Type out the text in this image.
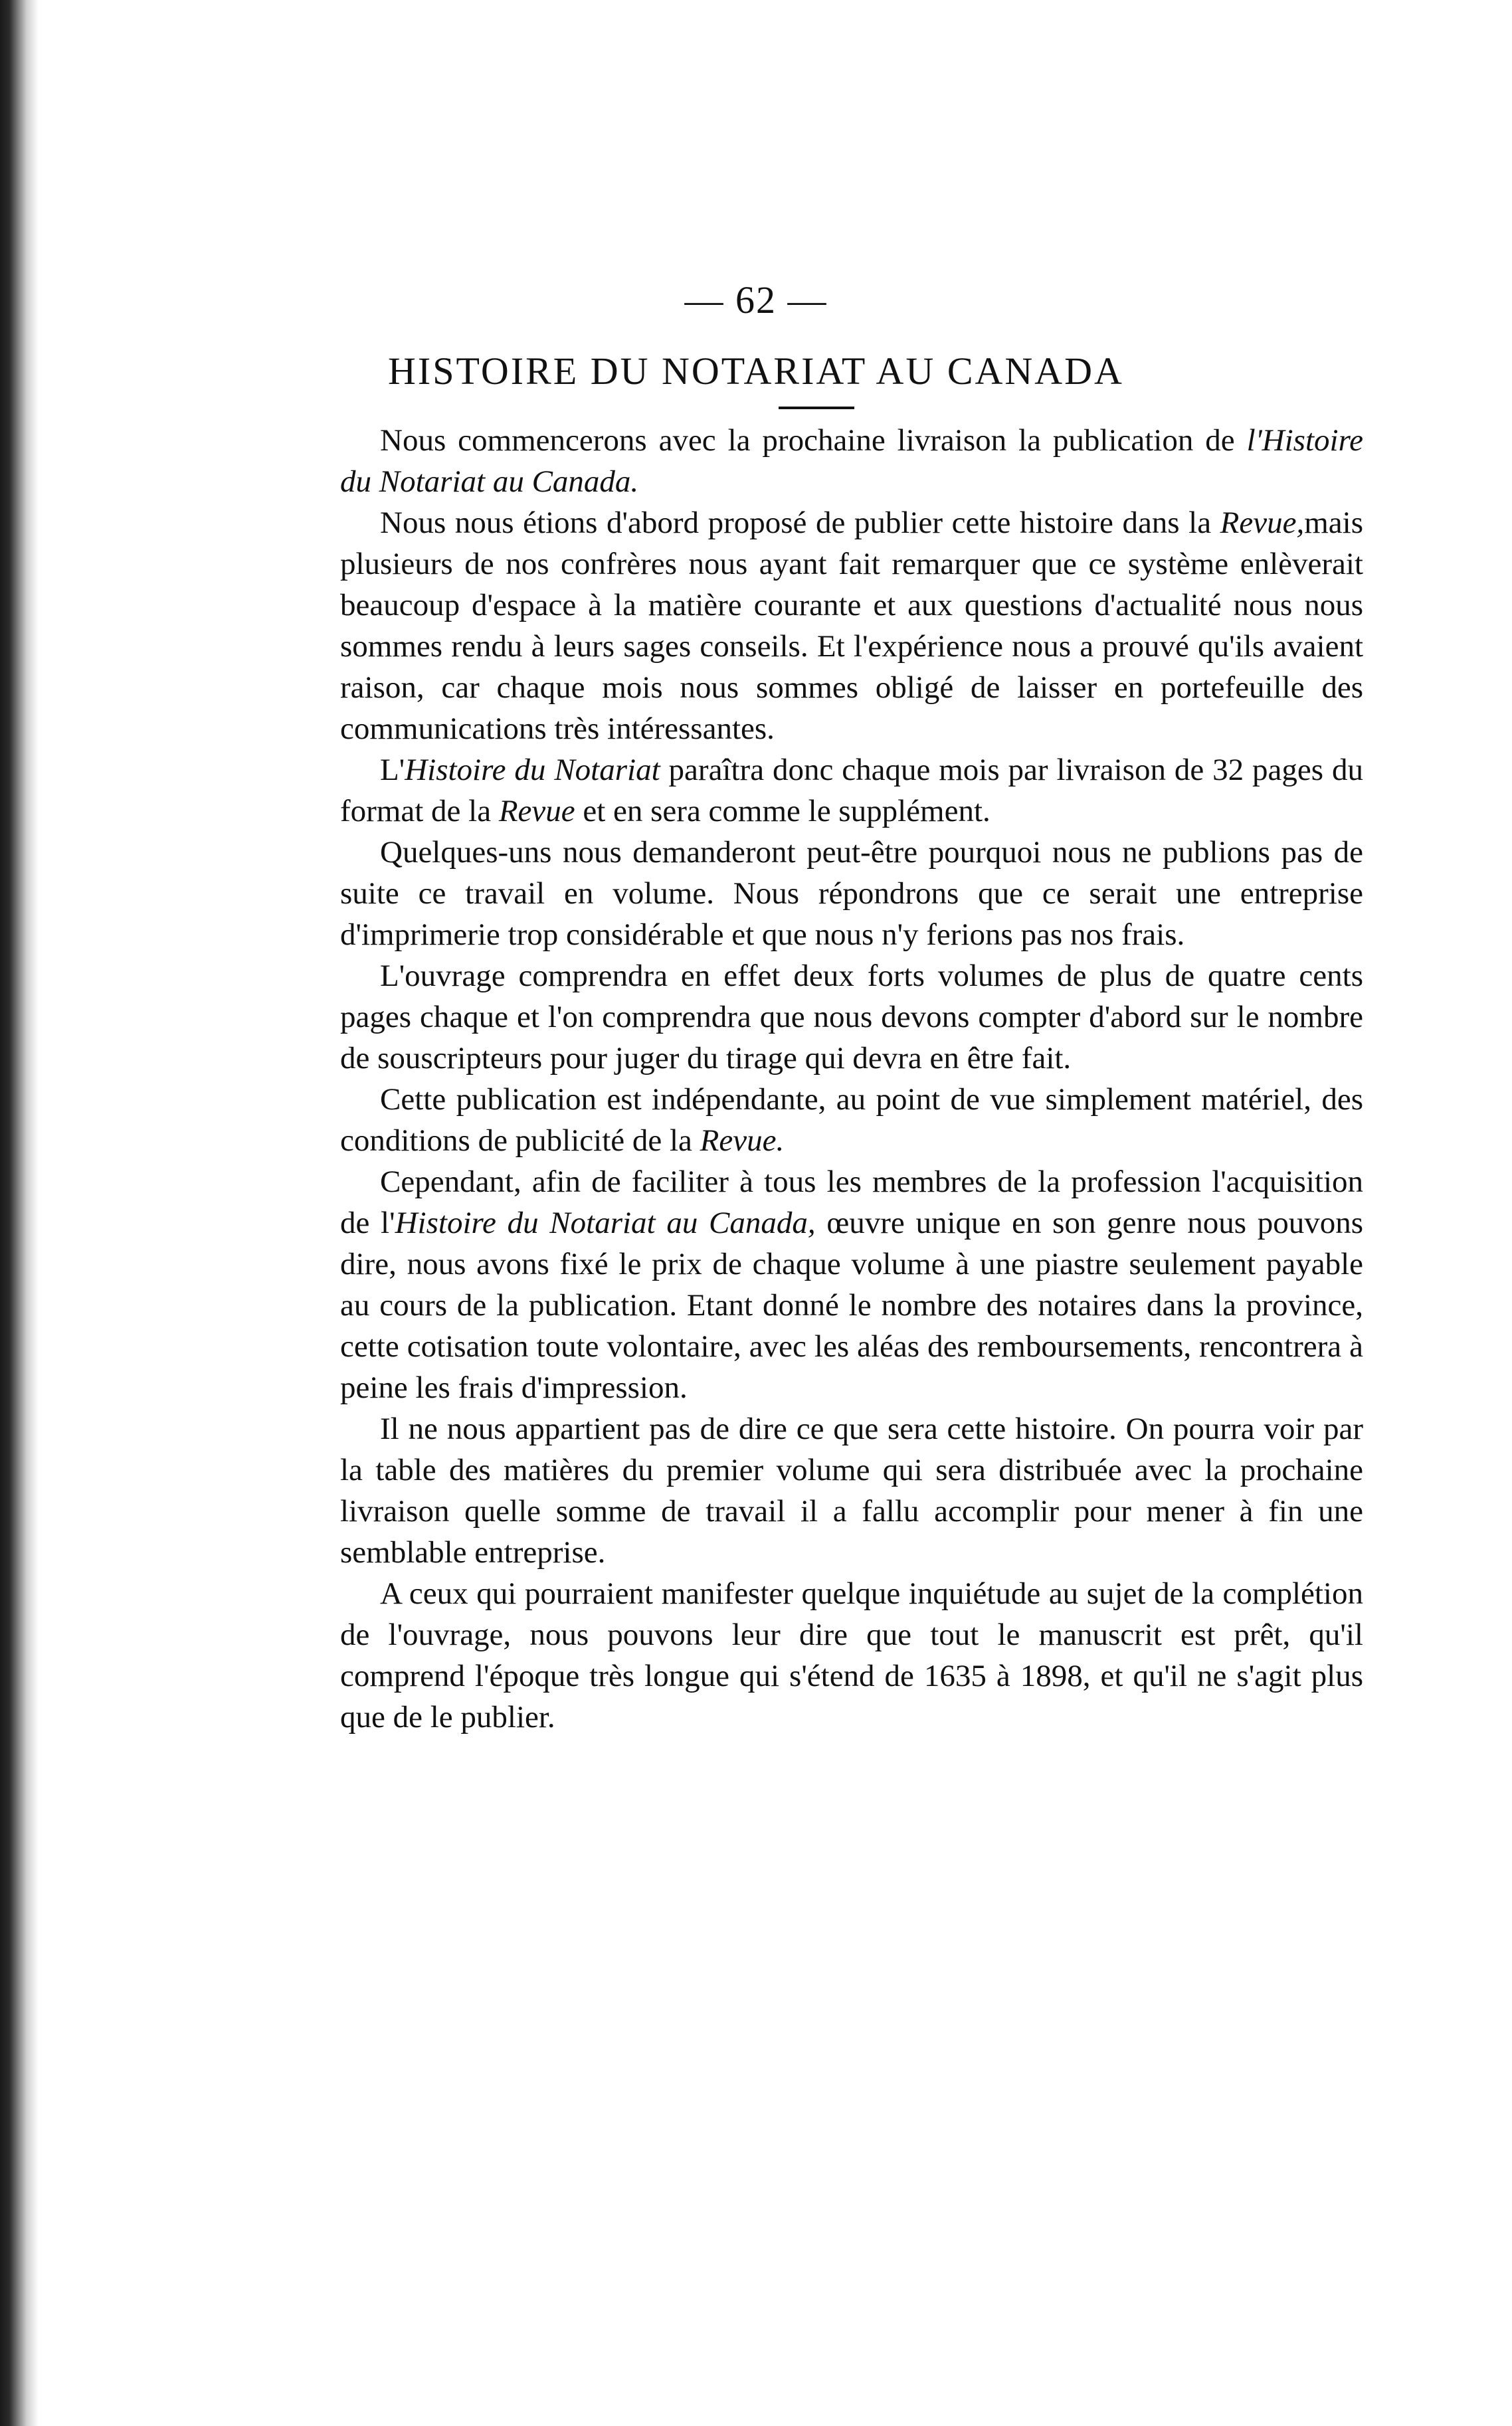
— 62 —
HISTOIRE DU NOTARIAT AU CANADA

Nous commencerons avec la prochaine livraison la publication de l'Histoire du Notariat au Canada.

Nous nous étions d'abord proposé de publier cette histoire dans la Revue,mais plusieurs de nos confrères nous ayant fait remarquer que ce système enlèverait beaucoup d'espace à la matière courante et aux questions d'actualité nous nous sommes rendu à leurs sages conseils. Et l'expérience nous a prouvé qu'ils avaient raison, car chaque mois nous sommes obligé de laisser en portefeuille des communications très intéressantes.

L'Histoire du Notariat paraîtra donc chaque mois par livraison de 32 pages du format de la Revue et en sera comme le supplément.

Quelques-uns nous demanderont peut-être pourquoi nous ne publions pas de suite ce travail en volume. Nous répondrons que ce serait une entreprise d'imprimerie trop considérable et que nous n'y ferions pas nos frais.

L'ouvrage comprendra en effet deux forts volumes de plus de quatre cents pages chaque et l'on comprendra que nous devons compter d'abord sur le nombre de souscripteurs pour juger du tirage qui devra en être fait.

Cette publication est indépendante, au point de vue simplement matériel, des conditions de publicité de la Revue.

Cependant, afin de faciliter à tous les membres de la profession l'acquisition de l'Histoire du Notariat au Canada, œuvre unique en son genre nous pouvons dire, nous avons fixé le prix de chaque volume à une piastre seulement payable au cours de la publication. Etant donné le nombre des notaires dans la province, cette cotisation toute volontaire, avec les aléas des remboursements, rencontrera à peine les frais d'impression.

Il ne nous appartient pas de dire ce que sera cette histoire. On pourra voir par la table des matières du premier volume qui sera distribuée avec la prochaine livraison quelle somme de travail il a fallu accomplir pour mener à fin une semblable entreprise.

A ceux qui pourraient manifester quelque inquiétude au sujet de la complétion de l'ouvrage, nous pouvons leur dire que tout le manuscrit est prêt, qu'il comprend l'époque très longue qui s'étend de 1635 à 1898, et qu'il ne s'agit plus que de le publier.
